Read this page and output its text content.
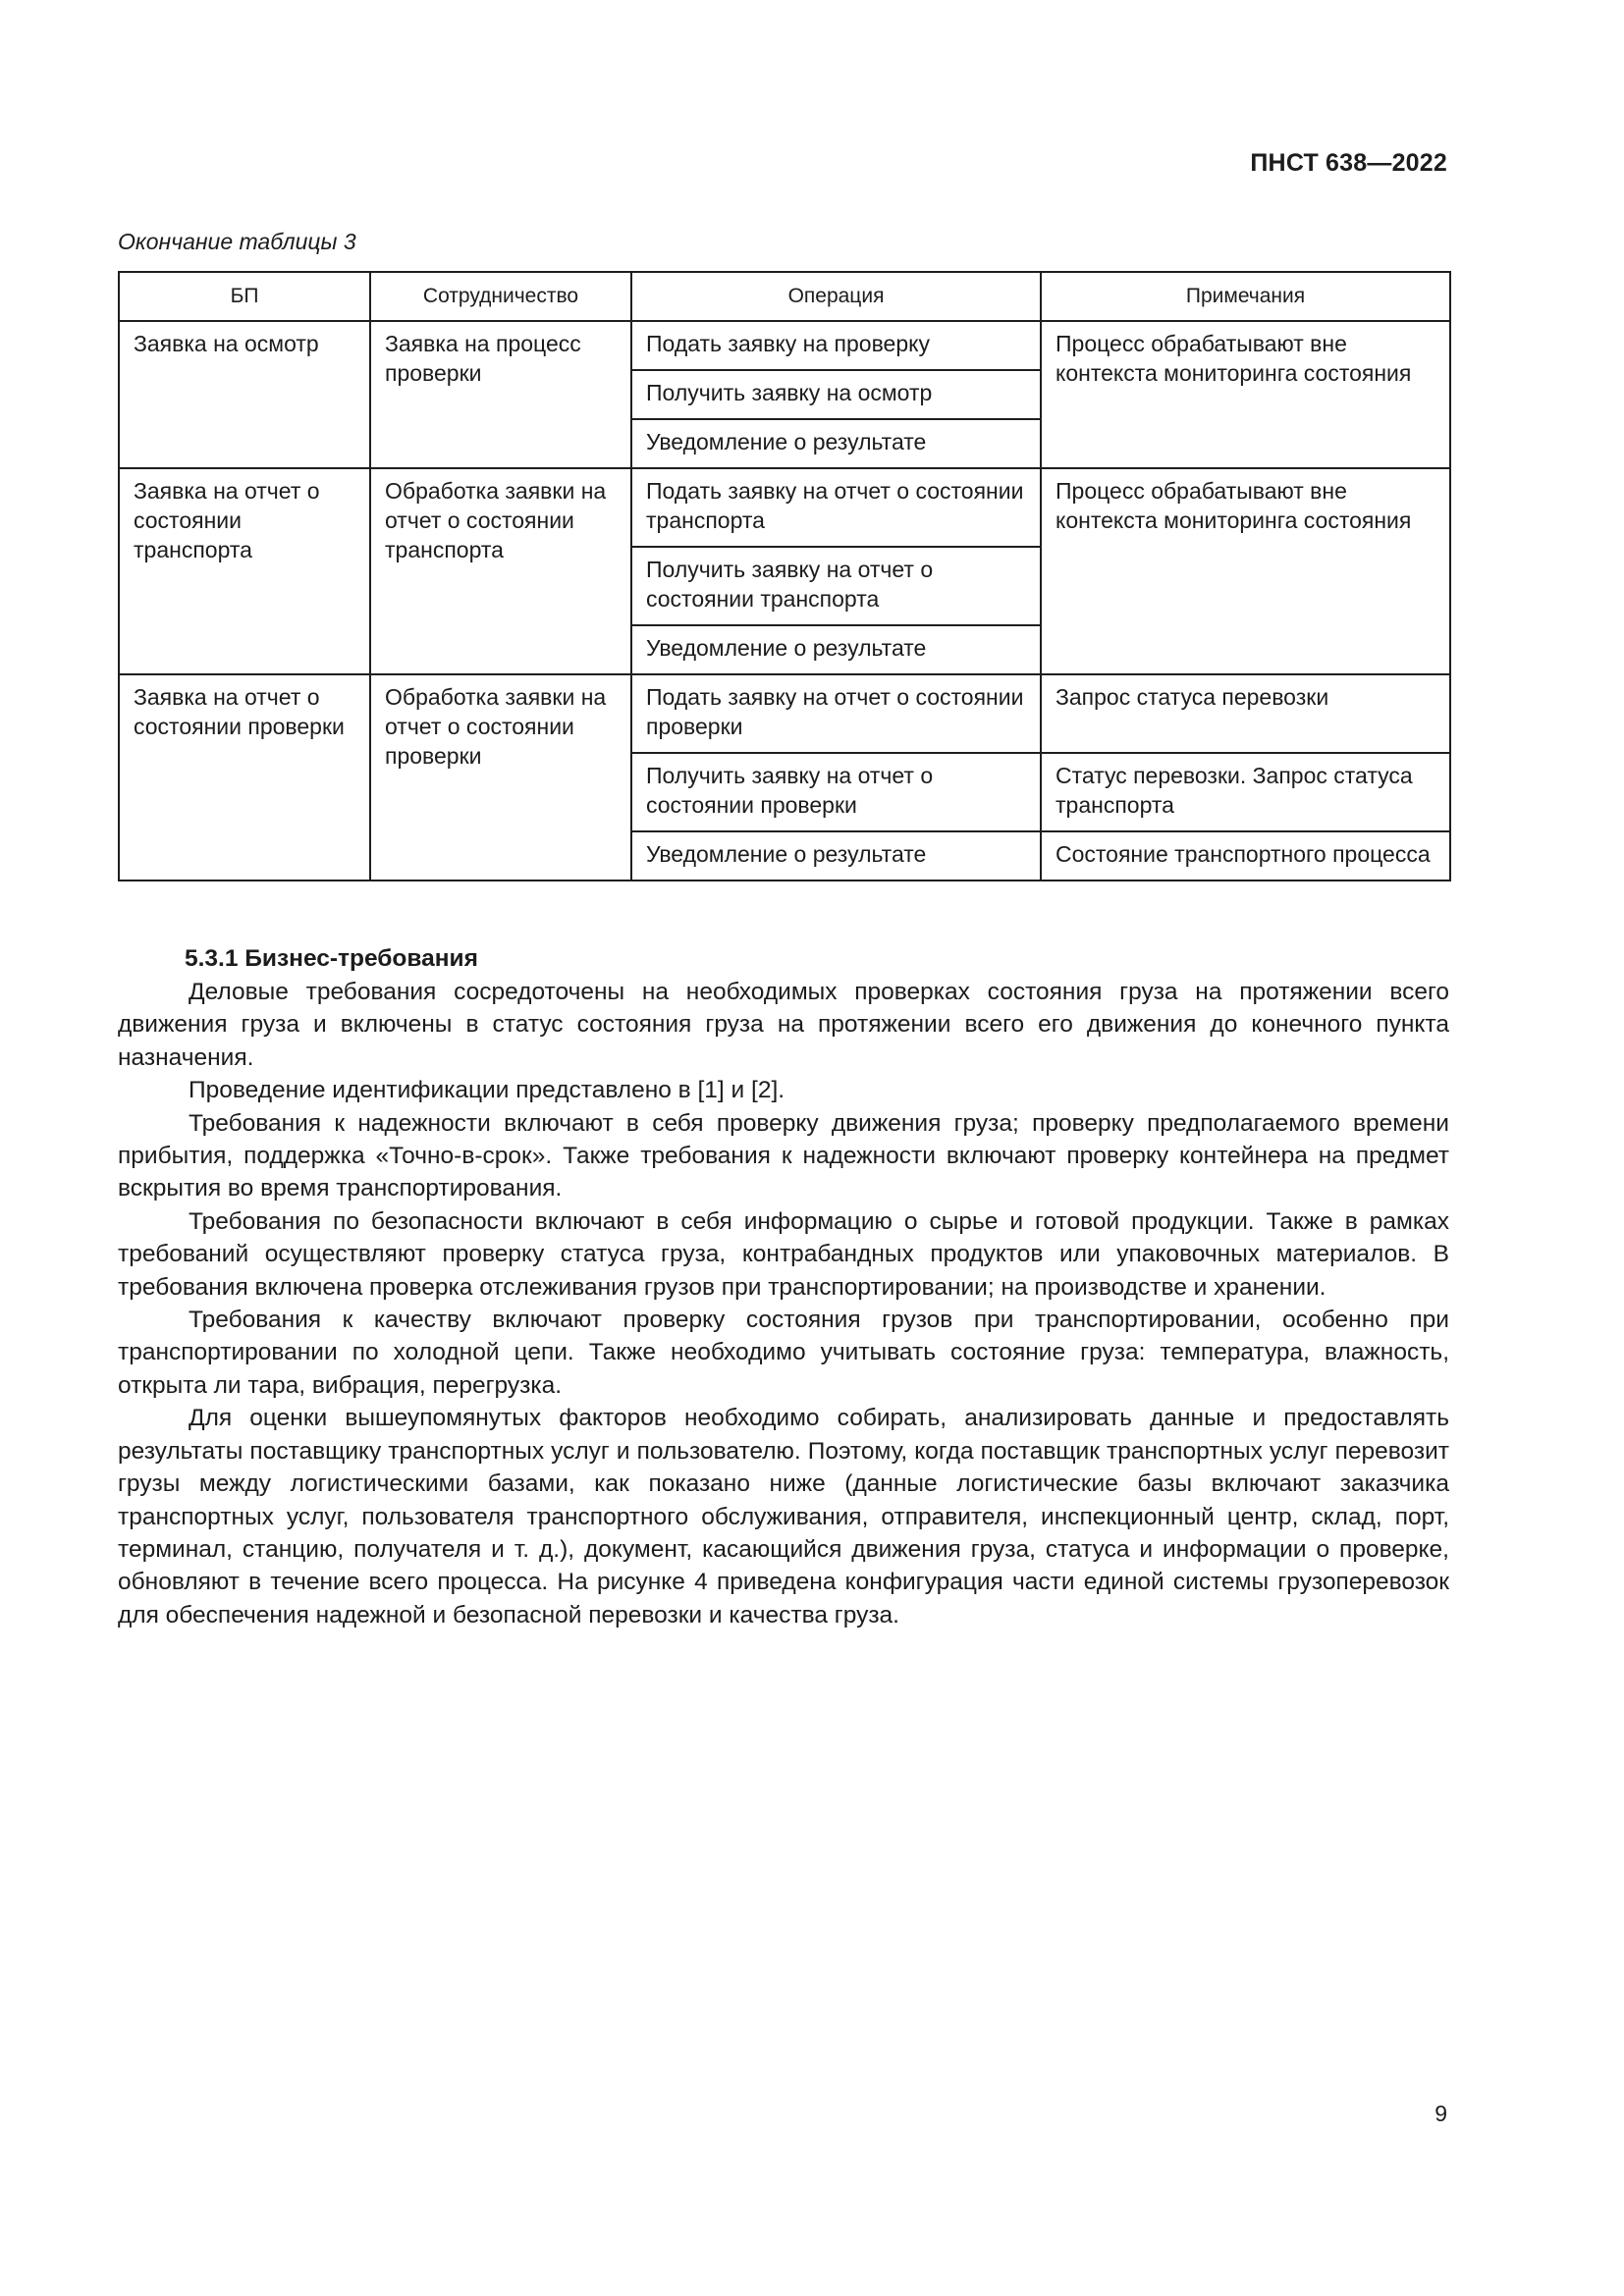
ПНСТ 638—2022
Окончание таблицы 3
БП	Сотрудничество	Операция	Примечания
Заявка на осмотр	Заявка на процесс проверки	Подать заявку на проверку	Процесс обрабатывают вне контекста мониторинга состояния
		Получить заявку на осмотр	
		Уведомление о результате	
Заявка на отчет о состоянии транспорта	Обработка заявки на отчет о состоянии транспорта	Подать заявку на отчет о состоянии транспорта	Процесс обрабатывают вне контекста мониторинга состояния
		Получить заявку на отчет о состоянии транспорта	
		Уведомление о результате	
Заявка на отчет о состоянии проверки	Обработка заявки на отчет о состоянии проверки	Подать заявку на отчет о состоянии проверки	Запрос статуса перевозки
		Получить заявку на отчет о состоянии проверки	Статус перевозки. Запрос статуса транспорта
		Уведомление о результате	Состояние транспортного процесса
5.3.1 Бизнес-требования

Деловые требования сосредоточены на необходимых проверках состояния груза на протяжении всего движения груза и включены в статус состояния груза на протяжении всего его движения до конечного пункта назначения.

Проведение идентификации представлено в [1] и [2].

Требования к надежности включают в себя проверку движения груза; проверку предполагаемого времени прибытия, поддержка «Точно-в-срок». Также требования к надежности включают проверку контейнера на предмет вскрытия во время транспортирования.

Требования по безопасности включают в себя информацию о сырье и готовой продукции. Также в рамках требований осуществляют проверку статуса груза, контрабандных продуктов или упаковочных материалов. В требования включена проверка отслеживания грузов при транспортировании; на производстве и хранении.

Требования к качеству включают проверку состояния грузов при транспортировании, особенно при транспортировании по холодной цепи. Также необходимо учитывать состояние груза: температура, влажность, открыта ли тара, вибрация, перегрузка.

Для оценки вышеупомянутых факторов необходимо собирать, анализировать данные и предоставлять результаты поставщику транспортных услуг и пользователю. Поэтому, когда поставщик транспортных услуг перевозит грузы между логистическими базами, как показано ниже (данные логистические базы включают заказчика транспортных услуг, пользователя транспортного обслуживания, отправителя, инспекционный центр, склад, порт, терминал, станцию, получателя и т. д.), документ, касающийся движения груза, статуса и информации о проверке, обновляют в течение всего процесса. На рисунке 4 приведена конфигурация части единой системы грузоперевозок для обеспечения надежной и безопасной перевозки и качества груза.

9
